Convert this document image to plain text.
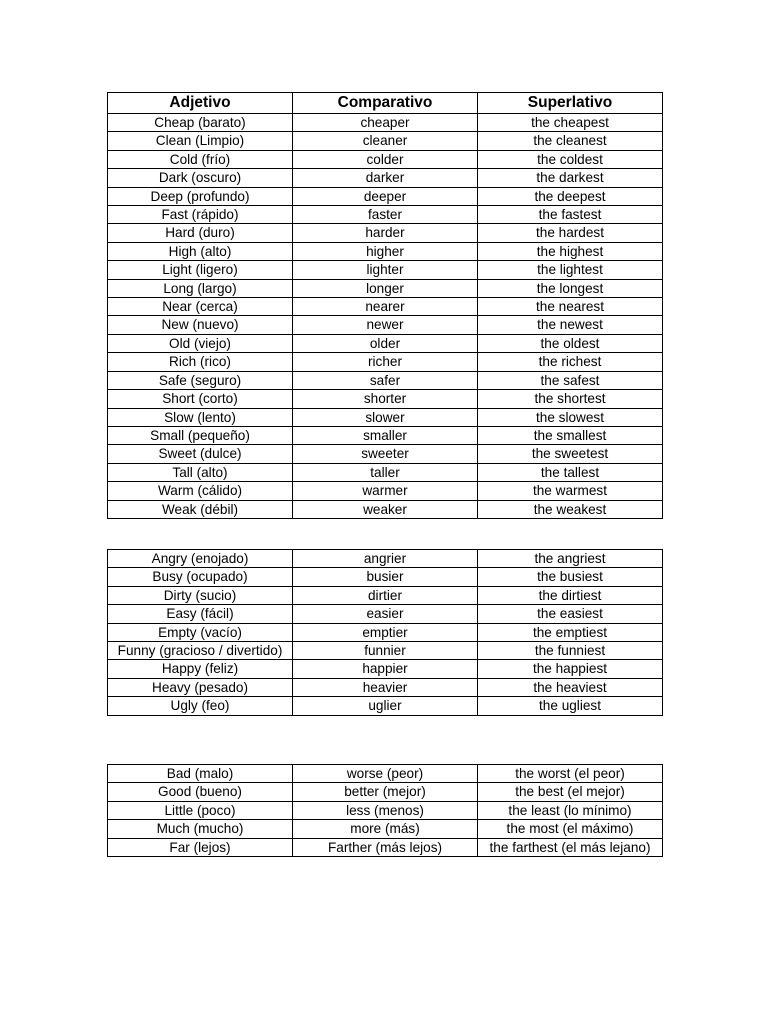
Adjetivo	Comparativo	Superlativo
Cheap (barato)	cheaper	the cheapest
Clean (Limpio)	cleaner	the cleanest
Cold (frío)	colder	the coldest
Dark (oscuro)	darker	the darkest
Deep (profundo)	deeper	the deepest
Fast (rápido)	faster	the fastest
Hard (duro)	harder	the hardest
High (alto)	higher	the highest
Light (ligero)	lighter	the lightest
Long (largo)	longer	the longest
Near (cerca)	nearer	the nearest
New (nuevo)	newer	the newest
Old (viejo)	older	the oldest
Rich (rico)	richer	the richest
Safe (seguro)	safer	the safest
Short (corto)	shorter	the shortest
Slow (lento)	slower	the slowest
Small (pequeño)	smaller	the smallest
Sweet (dulce)	sweeter	the sweetest
Tall (alto)	taller	the tallest
Warm (cálido)	warmer	the warmest
Weak (débil)	weaker	the weakest
Angry (enojado)	angrier	the angriest
Busy (ocupado)	busier	the busiest
Dirty (sucio)	dirtier	the dirtiest
Easy (fácil)	easier	the easiest
Empty (vacío)	emptier	the emptiest
Funny (gracioso / divertido)	funnier	the funniest
Happy (feliz)	happier	the happiest
Heavy (pesado)	heavier	the heaviest
Ugly (feo)	uglier	the ugliest
Bad (malo)	worse (peor)	the worst (el peor)
Good (bueno)	better (mejor)	the best (el mejor)
Little (poco)	less (menos)	the least (lo mínimo)
Much (mucho)	more (más)	the most (el máximo)
Far (lejos)	Farther (más lejos)	the farthest (el más lejano)
